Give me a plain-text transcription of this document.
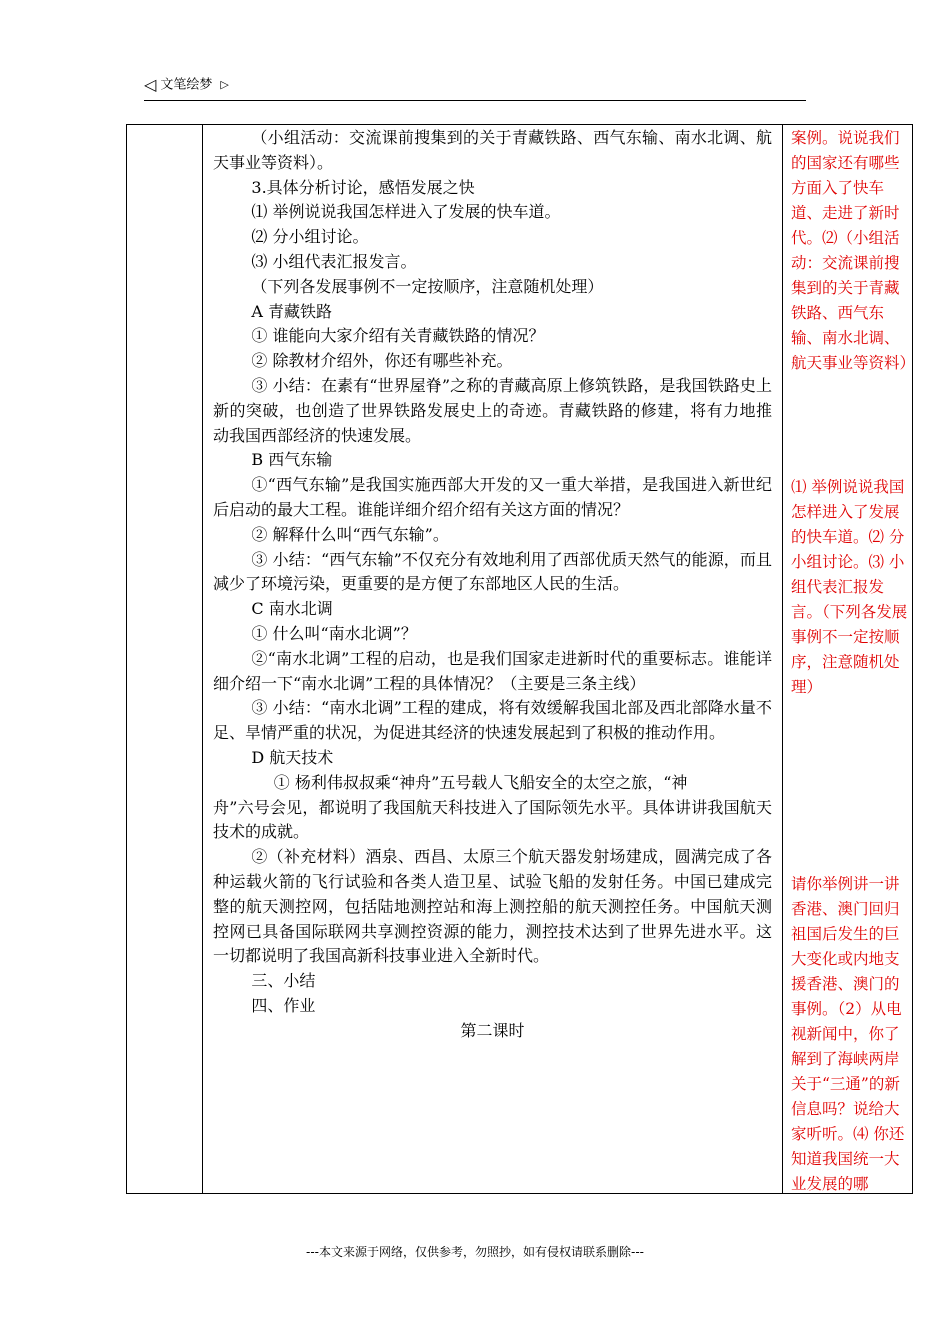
◁ 文笔绘梦 ▷

（小组活动：交流课前搜集到的关于青藏铁路、西气东输、南水北调、航天事业等资料）。

3.具体分析讨论，感悟发展之快

⑴ 举例说说我国怎样进入了发展的快车道。

⑵ 分小组讨论。

⑶ 小组代表汇报发言。

（下列各发展事例不一定按顺序，注意随机处理）

A 青藏铁路

① 谁能向大家介绍有关青藏铁路的情况？

② 除教材介绍外，你还有哪些补充。

③ 小结：在素有“世界屋脊”之称的青藏高原上修筑铁路，是我国铁路史上新的突破，也创造了世界铁路发展史上的奇迹。青藏铁路的修建，将有力地推动我国西部经济的快速发展。

B 西气东输

①“西气东输”是我国实施西部大开发的又一重大举措，是我国进入新世纪后启动的最大工程。谁能详细介绍介绍有关这方面的情况？

② 解释什么叫“西气东输”。

③ 小结：“西气东输”不仅充分有效地利用了西部优质天然气的能源，而且减少了环境污染，更重要的是方便了东部地区人民的生活。

C 南水北调

① 什么叫“南水北调”？

②“南水北调”工程的启动，也是我们国家走进新时代的重要标志。谁能详细介绍一下“南水北调”工程的具体情况？（主要是三条主线）

③ 小结：“南水北调”工程的建成，将有效缓解我国北部及西北部降水量不足、旱情严重的状况，为促进其经济的快速发展起到了积极的推动作用。

D 航天技术

① 杨利伟叔叔乘“神舟”五号载人飞船安全的太空之旅，“神

舟”六号会见，都说明了我国航天科技进入了国际领先水平。具体讲讲我国航天技术的成就。

②（补充材料）酒泉、西昌、太原三个航天器发射场建成，圆满完成了各种运载火箭的飞行试验和各类人造卫星、试验飞船的发射任务。中国已建成完整的航天测控网，包括陆地测控站和海上测控船的航天测控任务。中国航天测控网已具备国际联网共享测控资源的能力，测控技术达到了世界先进水平。这一切都说明了我国高新科技事业进入全新时代。

三、小结

四、作业

第二课时

案例。说说我们的国家还有哪些方面入了快车道、走进了新时代。⑵（小组活动：交流课前搜集到的关于青藏铁路、西气东输、南水北调、航天事业等资料）

⑴ 举例说说我国怎样进入了发展的快车道。⑵ 分小组讨论。⑶ 小组代表汇报发言。（下列各发展事例不一定按顺序，注意随机处理）

请你举例讲一讲香港、澳门回归祖国后发生的巨大变化或内地支援香港、澳门的事例。（2）从电视新闻中，你了解到了海峡两岸关于“三通”的新信息吗？说给大家听听。⑷ 你还知道我国统一大业发展的哪

---本文来源于网络，仅供参考，勿照抄，如有侵权请联系删除---
